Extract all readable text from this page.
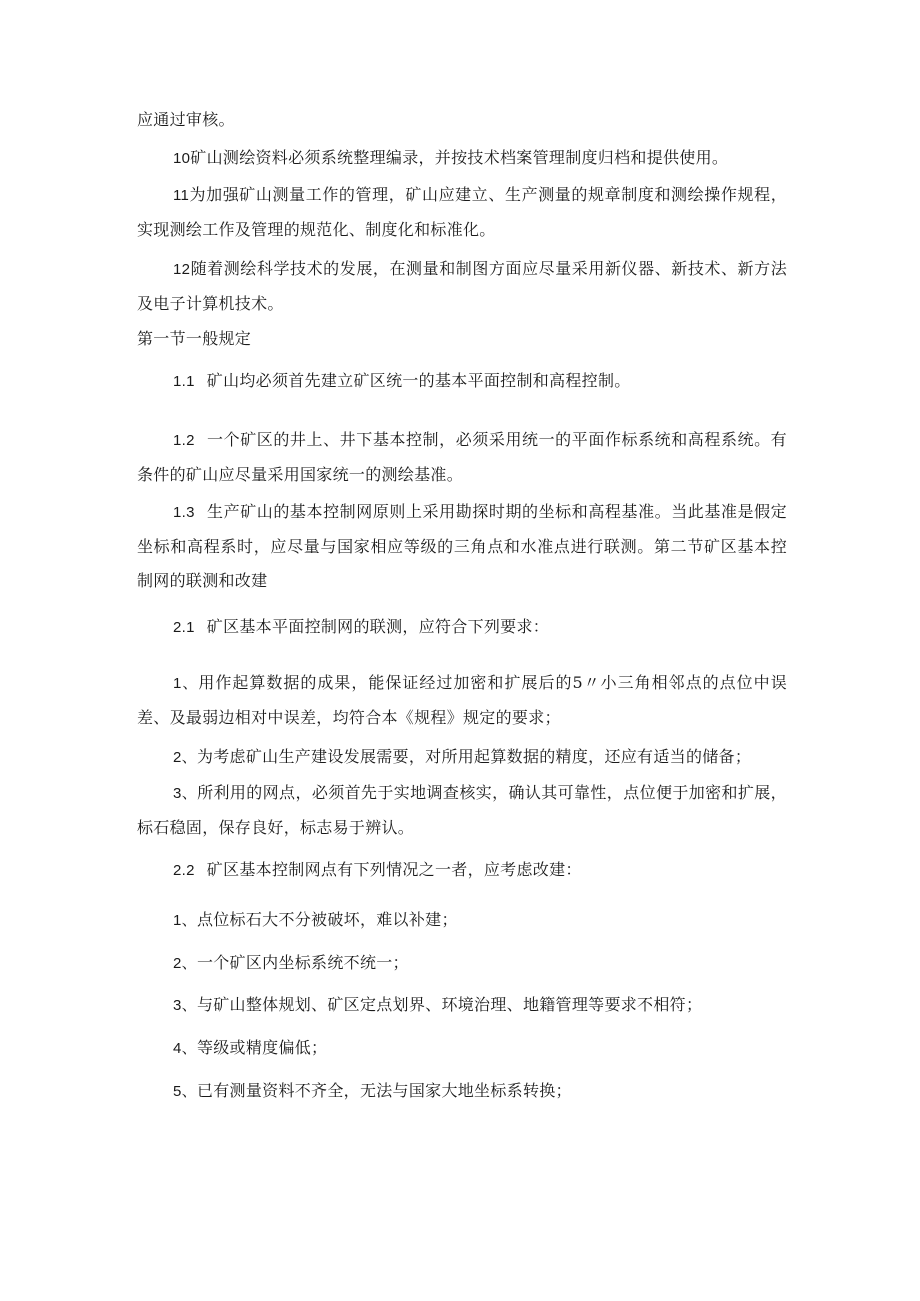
应通过审核。

10矿山测绘资料必须系统整理编录，并按技术档案管理制度归档和提供使用。

11为加强矿山测量工作的管理，矿山应建立、生产测量的规章制度和测绘操作规程，实现测绘工作及管理的规范化、制度化和标准化。

12随着测绘科学技术的发展，在测量和制图方面应尽量采用新仪器、新技术、新方法及电子计算机技术。

第一节一般规定

1.1 矿山均必须首先建立矿区统一的基本平面控制和高程控制。

1.2 一个矿区的井上、井下基本控制，必须采用统一的平面作标系统和高程系统。有条件的矿山应尽量采用国家统一的测绘基准。

1.3 生产矿山的基本控制网原则上采用勘探时期的坐标和高程基准。当此基准是假定坐标和高程系时，应尽量与国家相应等级的三角点和水准点进行联测。第二节矿区基本控制网的联测和改建

2.1 矿区基本平面控制网的联测，应符合下列要求：

1、用作起算数据的成果，能保证经过加密和扩展后的5〃小三角相邻点的点位中误差、及最弱边相对中误差，均符合本《规程》规定的要求；

2、为考虑矿山生产建设发展需要，对所用起算数据的精度，还应有适当的储备；

3、所利用的网点，必须首先于实地调查核实，确认其可靠性，点位便于加密和扩展，标石稳固，保存良好，标志易于辨认。

2.2 矿区基本控制网点有下列情况之一者，应考虑改建：

1、点位标石大不分被破坏，难以补建；

2、一个矿区内坐标系统不统一；

3、与矿山整体规划、矿区定点划界、环境治理、地籍管理等要求不相符；

4、等级或精度偏低；

5、已有测量资料不齐全，无法与国家大地坐标系转换；
